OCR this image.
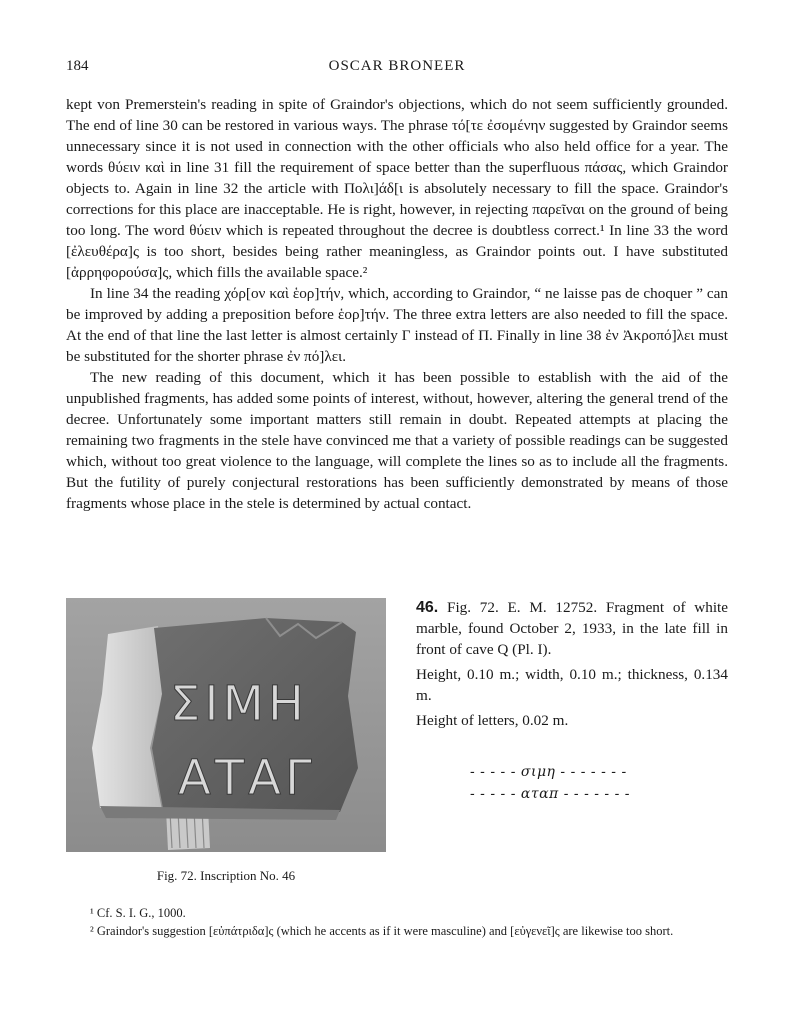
184	OSCAR BRONEER

kept von Premerstein's reading in spite of Graindor's objections, which do not seem sufficiently grounded. The end of line 30 can be restored in various ways. The phrase τό[τε ἐσομένην suggested by Graindor seems unnecessary since it is not used in connection with the other officials who also held office for a year. The words θύειν καὶ in line 31 fill the requirement of space better than the superfluous πάσας, which Graindor objects to. Again in line 32 the article with Πολι]άδ[ι is absolutely necessary to fill the space. Graindor's corrections for this place are inacceptable. He is right, however, in rejecting παρεῖναι on the ground of being too long. The word θύειν which is repeated throughout the decree is doubtless correct.¹ In line 33 the word [ἐλευθέρα]ς is too short, besides being rather meaningless, as Graindor points out. I have substituted [ἀρρηφορούσα]ς, which fills the available space.²

In line 34 the reading χόρ[ον καὶ ἑορ]τήν, which, according to Graindor, “ ne laisse pas de choquer ” can be improved by adding a preposition before ἑορ]τήν. The three extra letters are also needed to fill the space. At the end of that line the last letter is almost certainly Γ instead of Π. Finally in line 38 ἐν Ἀκροπό]λει must be substituted for the shorter phrase ἐν πό]λει.

The new reading of this document, which it has been possible to establish with the aid of the unpublished fragments, has added some points of interest, without, however, altering the general trend of the decree. Unfortunately some important matters still remain in doubt. Repeated attempts at placing the remaining two fragments in the stele have convinced me that a variety of possible readings can be suggested which, without too great violence to the language, will complete the lines so as to include all the fragments. But the futility of purely conjectural restorations has been sufficiently demonstrated by means of those fragments whose place in the stele is determined by actual contact.

ΣΙΜΗ
ΑΤΑΓ
Fig. 72. Inscription No. 46

46. Fig. 72. E. M. 12752. Fragment of white marble, found October 2, 1933, in the late fill in front of cave Q (Pl. I).

Height, 0.10 m.; width, 0.10 m.; thickness, 0.134 m.

Height of letters, 0.02 m.

- - - - - σιμη - - - - - - -
- - - - - αταπ - - - - - - -

¹ Cf. S. I. G., 1000.

² Graindor's suggestion [εὐπάτριδα]ς (which he accents as if it were masculine) and [εὐγενεῖ]ς are likewise too short.
